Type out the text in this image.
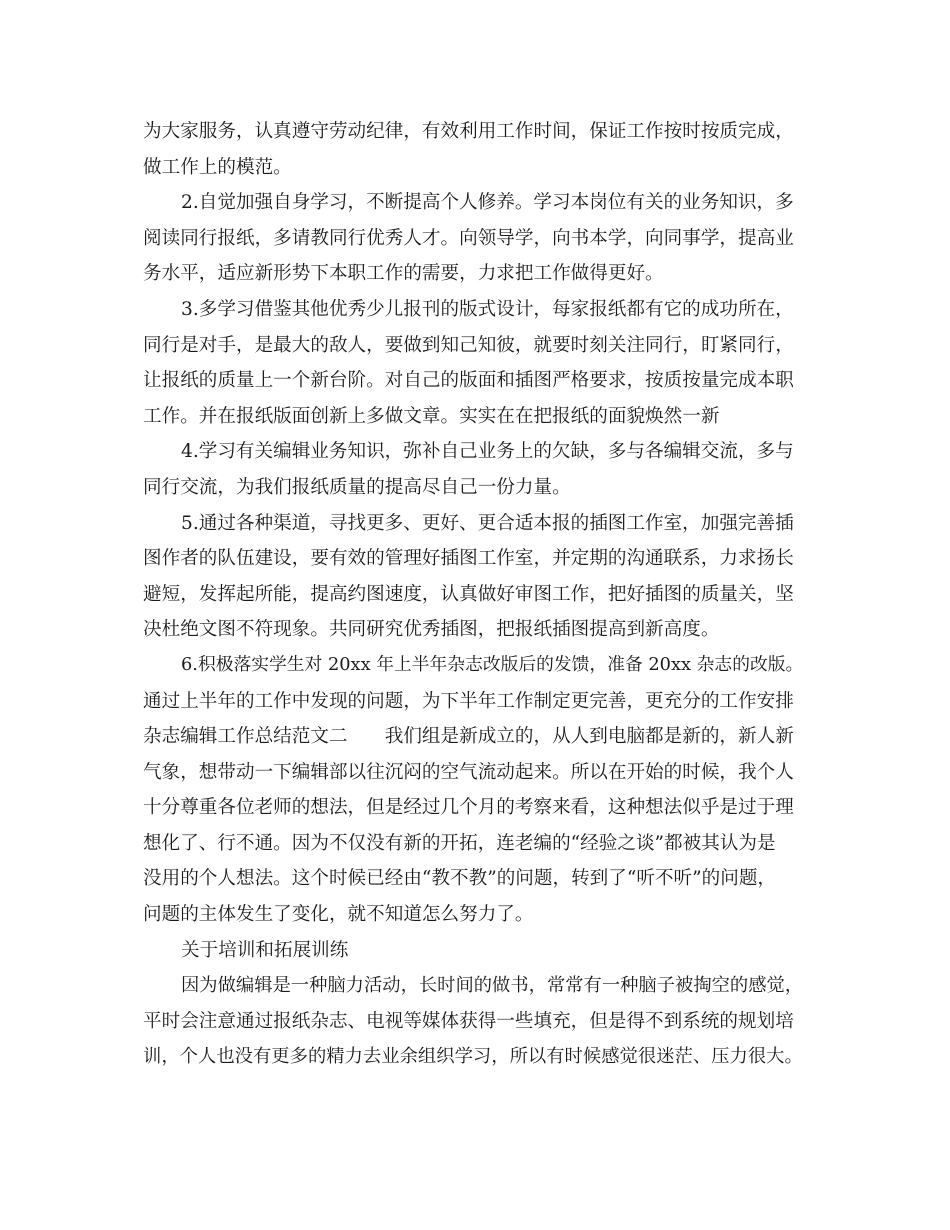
为大家服务，认真遵守劳动纪律，有效利用工作时间，保证工作按时按质完成，
做工作上的模范。
2.自觉加强自身学习，不断提高个人修养。学习本岗位有关的业务知识，多
阅读同行报纸，多请教同行优秀人才。向领导学，向书本学，向同事学，提高业
务水平，适应新形势下本职工作的需要，力求把工作做得更好。
3.多学习借鉴其他优秀少儿报刊的版式设计，每家报纸都有它的成功所在，
同行是对手，是最大的敌人，要做到知己知彼，就要时刻关注同行，盯紧同行，
让报纸的质量上一个新台阶。对自己的版面和插图严格要求，按质按量完成本职
工作。并在报纸版面创新上多做文章。实实在在把报纸的面貌焕然一新
4.学习有关编辑业务知识，弥补自己业务上的欠缺，多与各编辑交流，多与
同行交流，为我们报纸质量的提高尽自己一份力量。
5.通过各种渠道，寻找更多、更好、更合适本报的插图工作室，加强完善插
图作者的队伍建设，要有效的管理好插图工作室，并定期的沟通联系，力求扬长
避短，发挥起所能，提高约图速度，认真做好审图工作，把好插图的质量关，坚
决杜绝文图不符现象。共同研究优秀插图，把报纸插图提高到新高度。
6.积极落实学生对 20xx 年上半年杂志改版后的发馈，准备 20xx 杂志的改版。
通过上半年的工作中发现的问题，为下半年工作制定更完善，更充分的工作安排
杂志编辑工作总结范文二　　我们组是新成立的，从人到电脑都是新的，新人新
气象，想带动一下编辑部以往沉闷的空气流动起来。所以在开始的时候，我个人
十分尊重各位老师的想法，但是经过几个月的考察来看，这种想法似乎是过于理
想化了、行不通。因为不仅没有新的开拓，连老编的“经验之谈”都被其认为是
没用的个人想法。这个时候已经由“教不教”的问题，转到了“听不听”的问题，
问题的主体发生了变化，就不知道怎么努力了。
关于培训和拓展训练
因为做编辑是一种脑力活动，长时间的做书，常常有一种脑子被掏空的感觉，
平时会注意通过报纸杂志、电视等媒体获得一些填充，但是得不到系统的规划培
训，个人也没有更多的精力去业余组织学习，所以有时候感觉很迷茫、压力很大。
